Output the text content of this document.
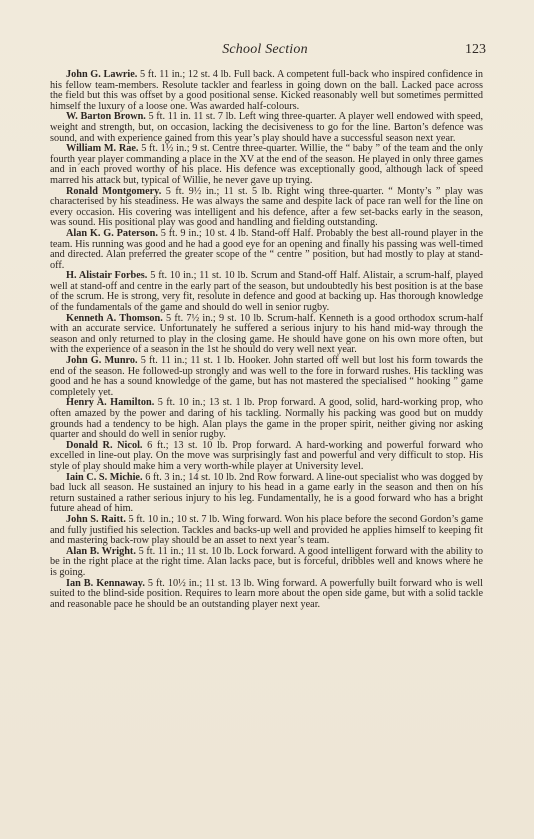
School Section	123

John G. Lawrie. 5 ft. 11 in.; 12 st. 4 lb. Full back. A competent full-back who inspired confidence in his fellow team-members. Resolute tackler and fearless in going down on the ball. Lacked pace across the field but this was offset by a good positional sense. Kicked reasonably well but sometimes permitted himself the luxury of a loose one. Was awarded half-colours.

W. Barton Brown. 5 ft. 11 in. 11 st. 7 lb. Left wing three-quarter. A player well endowed with speed, weight and strength, but, on occasion, lacking the decisiveness to go for the line. Barton’s defence was sound, and with experience gained from this year’s play should have a successful season next year.

William M. Rae. 5 ft. 1½ in.; 9 st. Centre three-quarter. Willie, the “ baby ” of the team and the only fourth year player commanding a place in the XV at the end of the season. He played in only three games and in each proved worthy of his place. His defence was exceptionally good, although lack of speed marred his attack but, typical of Willie, he never gave up trying.

Ronald Montgomery. 5 ft. 9½ in.; 11 st. 5 lb. Right wing three-quarter. “ Monty’s ” play was characterised by his steadiness. He was always the same and despite lack of pace ran well for the line on every occasion. His covering was intelligent and his defence, after a few set-backs early in the season, was sound. His positional play was good and handling and fielding outstanding.

Alan K. G. Paterson. 5 ft. 9 in.; 10 st. 4 lb. Stand-off Half. Probably the best all-round player in the team. His running was good and he had a good eye for an opening and finally his passing was well-timed and directed. Alan preferred the greater scope of the “ centre ” position, but had mostly to play at stand-off.

H. Alistair Forbes. 5 ft. 10 in.; 11 st. 10 lb. Scrum and Stand-off Half. Alistair, a scrum-half, played well at stand-off and centre in the early part of the season, but undoubtedly his best position is at the base of the scrum. He is strong, very fit, resolute in defence and good at backing up. Has thorough knowledge of the fundamentals of the game and should do well in senior rugby.

Kenneth A. Thomson. 5 ft. 7½ in.; 9 st. 10 lb. Scrum-half. Kenneth is a good orthodox scrum-half with an accurate service. Unfortunately he suffered a serious injury to his hand mid-way through the season and only returned to play in the closing game. He should have gone on his own more often, but with the experience of a season in the 1st he should do very well next year.

John G. Munro. 5 ft. 11 in.; 11 st. 1 lb. Hooker. John started off well but lost his form towards the end of the season. He followed-up strongly and was well to the fore in forward rushes. His tackling was good and he has a sound knowledge of the game, but has not mastered the specialised “ hooking ” game completely yet.

Henry A. Hamilton. 5 ft. 10 in.; 13 st. 1 lb. Prop forward. A good, solid, hard-working prop, who often amazed by the power and daring of his tackling. Normally his packing was good but on muddy grounds had a tendency to be high. Alan plays the game in the proper spirit, neither giving nor asking quarter and should do well in senior rugby.

Donald R. Nicol. 6 ft.; 13 st. 10 lb. Prop forward. A hard-working and powerful forward who excelled in line-out play. On the move was surprisingly fast and powerful and very difficult to stop. His style of play should make him a very worth-while player at University level.

Iain C. S. Michie. 6 ft. 3 in.; 14 st. 10 lb. 2nd Row forward. A line-out specialist who was dogged by bad luck all season. He sustained an injury to his head in a game early in the season and then on his return sustained a rather serious injury to his leg. Fundamentally, he is a good forward who has a bright future ahead of him.

John S. Raitt. 5 ft. 10 in.; 10 st. 7 lb. Wing forward. Won his place before the second Gordon’s game and fully justified his selection. Tackles and backs-up well and provided he applies himself to keeping fit and mastering back-row play should be an asset to next year’s team.

Alan B. Wright. 5 ft. 11 in.; 11 st. 10 lb. Lock forward. A good intelligent forward with the ability to be in the right place at the right time. Alan lacks pace, but is forceful, dribbles well and knows where he is going.

Ian B. Kennaway. 5 ft. 10½ in.; 11 st. 13 lb. Wing forward. A powerfully built forward who is well suited to the blind-side position. Requires to learn more about the open side game, but with a solid tackle and reasonable pace he should be an outstanding player next year.
